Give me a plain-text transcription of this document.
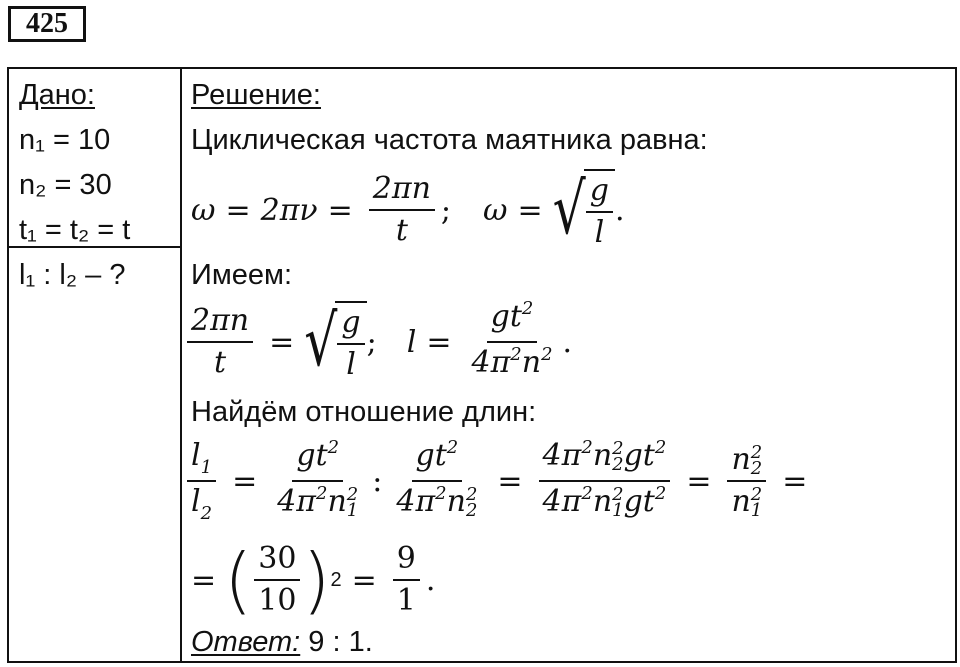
425
Дано:
n₁ = 10
n₂ = 30
t₁ = t₂ = t
l₁ : l₂ – ?
Решение:
Циклическая частота маятника равна:
$\omega = 2\pi\nu = \frac{2\pi n}{t}$ ; ω = √ $\frac{g}{l}$ .
Имеем:
$\frac{2\pi n}{t}$ = √ $\frac{g}{l}$ ; $l = \frac{gt^2}{4\pi^2n^2}$ .
Найдём отношение длин:
$\frac{l_1}{l_2} = gt^2$
$4\pi^2n$ 2
1 : $gt^2$
$4\pi^2n$ 2
$2 = 4\pi^2n$ 2
2 $gt^2$
$4\pi^2n$ 2
1 $gt^2 = n$ 2
2
n 2
1 =
= ( $\frac{30}{10}$ ) $2 = \frac{9}{1}$ .
Ответ: 9 : 1.
